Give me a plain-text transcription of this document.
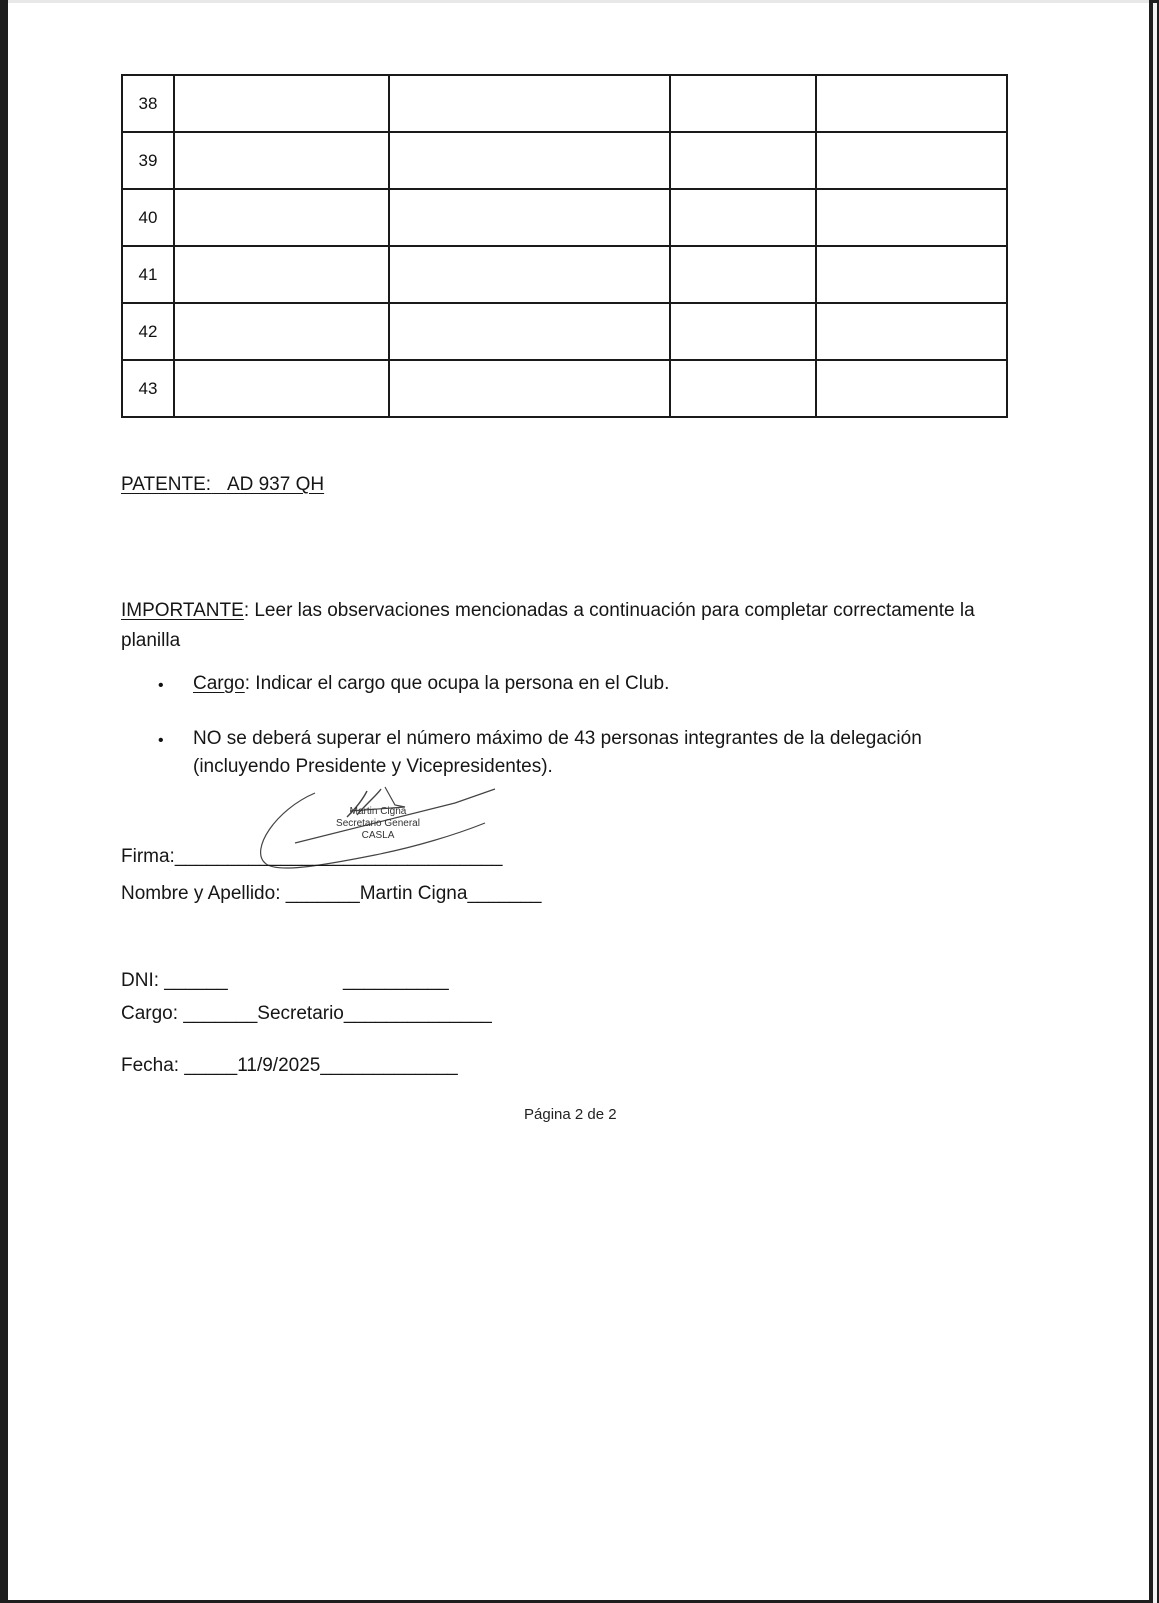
38				
39				
40				
41				
42				
43				
PATENTE: AD 937 QH
IMPORTANTE: Leer las observaciones mencionadas a continuación para completar correctamente la
planilla
• Cargo: Indicar el cargo que ocupa la persona en el Club.
• NO se deberá superar el número máximo de 43 personas integrantes de la delegación
(incluyendo Presidente y Vicepresidentes).
Martin Cigna
Secretario General
CASLA
Firma:_______________________________
Nombre y Apellido: _______Martin Cigna_______
DNI: ______	__________
Cargo: _______Secretario______________
Fecha: _____11/9/2025_____________
Página 2 de 2
